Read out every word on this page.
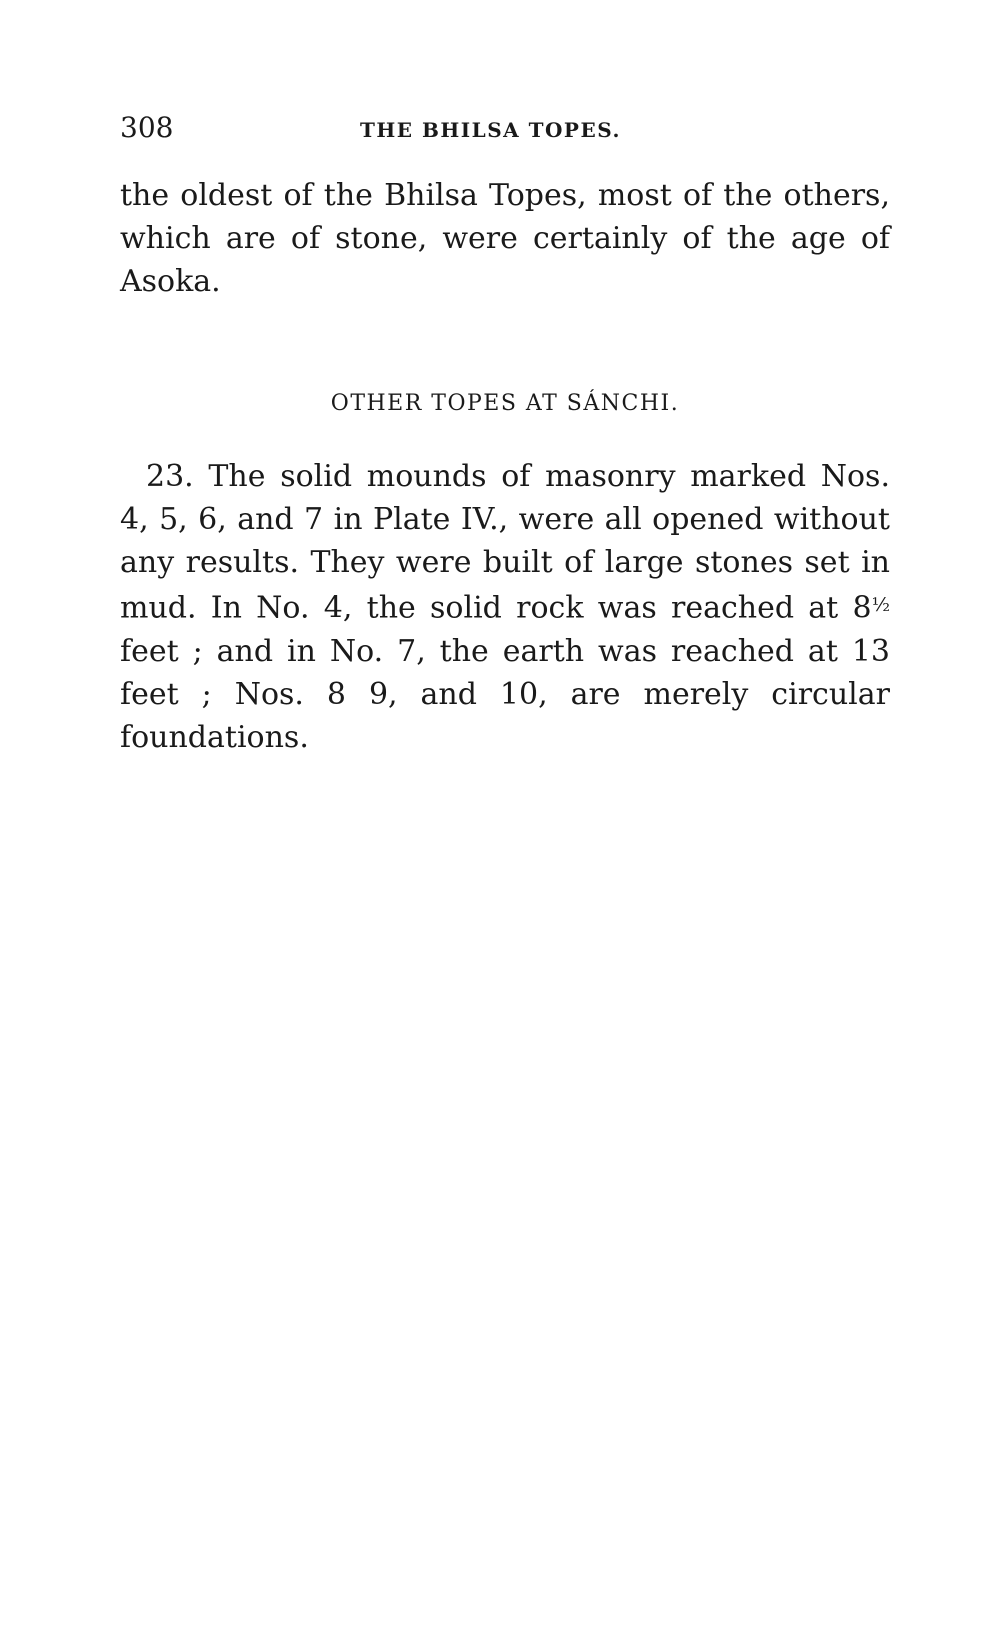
308	THE BHILSA TOPES.

the oldest of the Bhilsa Topes, most of the others, which are of stone, were certainly of the age of Asoka.

OTHER TOPES AT SÁNCHI.

23. The solid mounds of masonry marked Nos. 4, 5, 6, and 7 in Plate IV., were all opened without any results. They were built of large stones set in mud. In No. 4, the solid rock was reached at $8^{\frac{1}{2}}$ feet ; and in No. 7, the earth was reached at 13 feet ; Nos. 8 9, and 10, are merely circular foundations.
